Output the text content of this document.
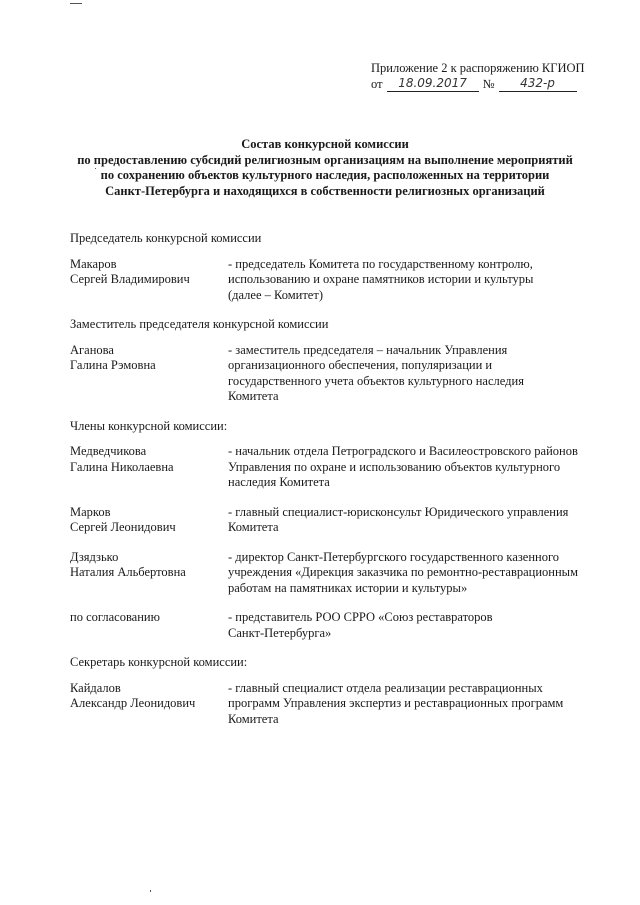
Приложение 2 к распоряжению КГИОП
от	18.09.2017	№	432-р
Состав конкурсной комиссии
по предоставлению субсидий религиозным организациям на выполнение мероприятий
по сохранению объектов культурного наследия, расположенных на территории
Санкт-Петербурга и находящихся в собственности религиозных организаций

Председатель конкурсной комиссии

Макаров
Сергей Владимирович
- председатель Комитета по государственному контролю,
использованию и охране памятников истории и культуры
(далее – Комитет)

Заместитель председателя конкурсной комиссии

Аганова
Галина Рэмовна
- заместитель председателя – начальник Управления
организационного обеспечения, популяризации и
государственного учета объектов культурного наследия
Комитета

Члены конкурсной комиссии:

Медведчикова
Галина Николаевна
- начальник отдела Петроградского и Василеостровского районов
Управления по охране и использованию объектов культурного
наследия Комитета
Марков
Сергей Леонидович
- главный специалист-юрисконсульт Юридического управления
Комитета
Дзядзько
Наталия Альбертовна
- директор Санкт-Петербургского государственного казенного
учреждения «Дирекция заказчика по ремонтно-реставрационным
работам на памятниках истории и культуры»
по согласованию	- представитель РОО СРРО «Союз реставраторов
Санкт-Петербурга»

Секретарь конкурсной комиссии:

Кайдалов
Александр Леонидович
- главный специалист отдела реализации реставрационных
программ Управления экспертиз и реставрационных программ
Комитета
